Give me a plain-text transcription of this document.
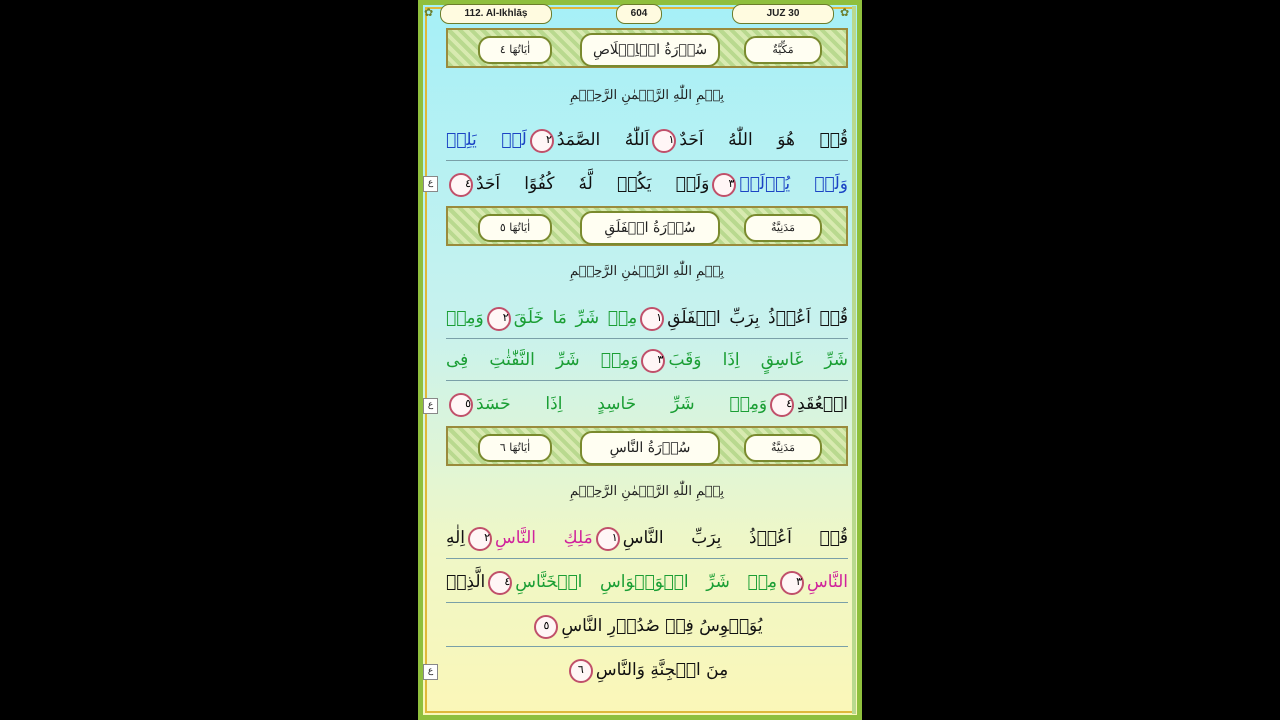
✿	112. Al-Ikhlāṣ	604	JUZ 30	✿
اٰيَاتُهَا ٤	سُوۡرَةُ الۡاِخۡلَاصِ	مَكِّيَّةٌ
بِسۡمِ اللّٰهِ الرَّحۡمٰنِ الرَّحِيۡمِ
قُلۡ هُوَ اللّٰهُ اَحَدٌ١اَللّٰهُ الصَّمَدُ٢لَمۡ يَلِدۡ
وَلَمۡ يُوۡلَدۡ٣وَلَمۡ يَكُنۡ لَّهٗ كُفُوًا اَحَدٌ٤
اٰيَاتُهَا ٥	سُوۡرَةُ الۡفَلَقِ	مَدَنِيَّةٌ
بِسۡمِ اللّٰهِ الرَّحۡمٰنِ الرَّحِيۡمِ
قُلۡ اَعُوۡذُ بِرَبِّ الۡفَلَقِ١مِنۡ شَرِّ مَا خَلَقَ٢وَمِنۡ
شَرِّ غَاسِقٍ اِذَا وَقَبَ٣وَمِنۡ شَرِّ النَّفّٰثٰتِ فِى
الۡعُقَدِ٤وَمِنۡ شَرِّ حَاسِدٍ اِذَا حَسَدَ٥
اٰيَاتُهَا ٦	سُوۡرَةُ النَّاسِ	مَدَنِيَّةٌ
بِسۡمِ اللّٰهِ الرَّحۡمٰنِ الرَّحِيۡمِ
قُلۡ اَعُوۡذُ بِرَبِّ النَّاسِ١مَلِكِ النَّاسِ٢اِلٰهِ
النَّاسِ٣مِنۡ شَرِّ الۡوَسۡوَاسِ الۡخَنَّاسِ٤الَّذِىۡ
يُوَسۡوِسُ فِىۡ صُدُوۡرِ النَّاسِ٥
مِنَ الۡجِنَّةِ وَالنَّاسِ٦
ع
ع
ع
